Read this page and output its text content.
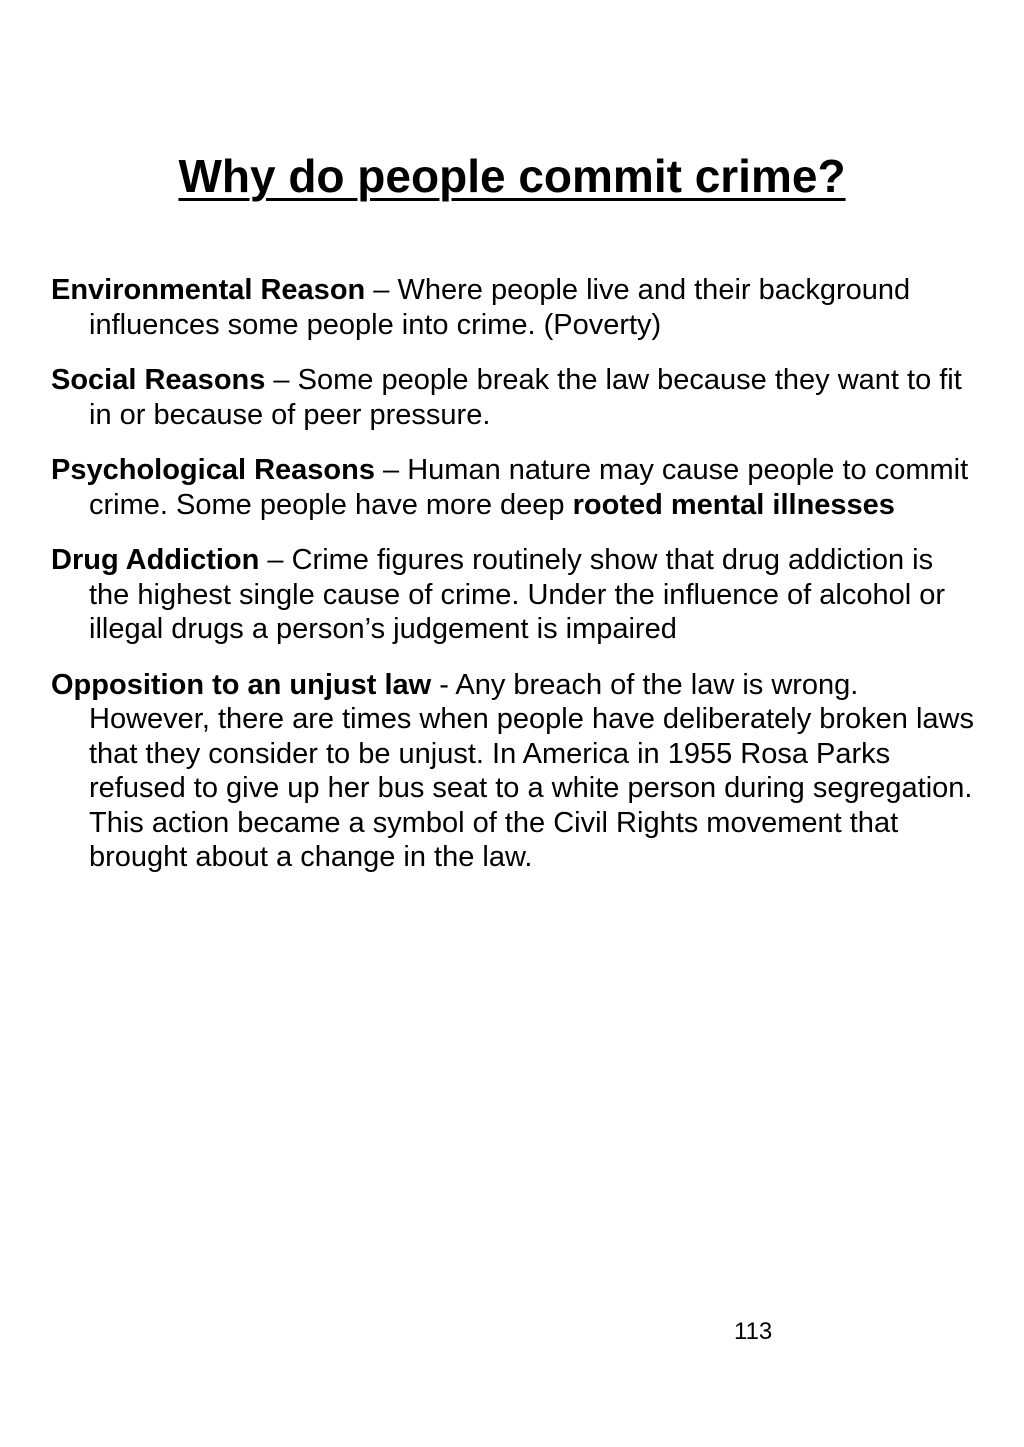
Why do people commit crime?

Environmental Reason – Where people live and their background influences some people into crime. (Poverty)

Social Reasons – Some people break the law because they want to fit in or because of peer pressure.

Psychological Reasons – Human nature may cause people to commit crime. Some people have more deep rooted mental illnesses

Drug Addiction – Crime figures routinely show that drug addiction is the highest single cause of crime. Under the influence of alcohol or illegal drugs a person’s judgement is impaired

Opposition to an unjust law - Any breach of the law is wrong. However, there are times when people have deliberately broken laws that they consider to be unjust. In America in 1955 Rosa Parks refused to give up her bus seat to a white person during segregation. This action became a symbol of the Civil Rights movement that brought about a change in the law.

113
